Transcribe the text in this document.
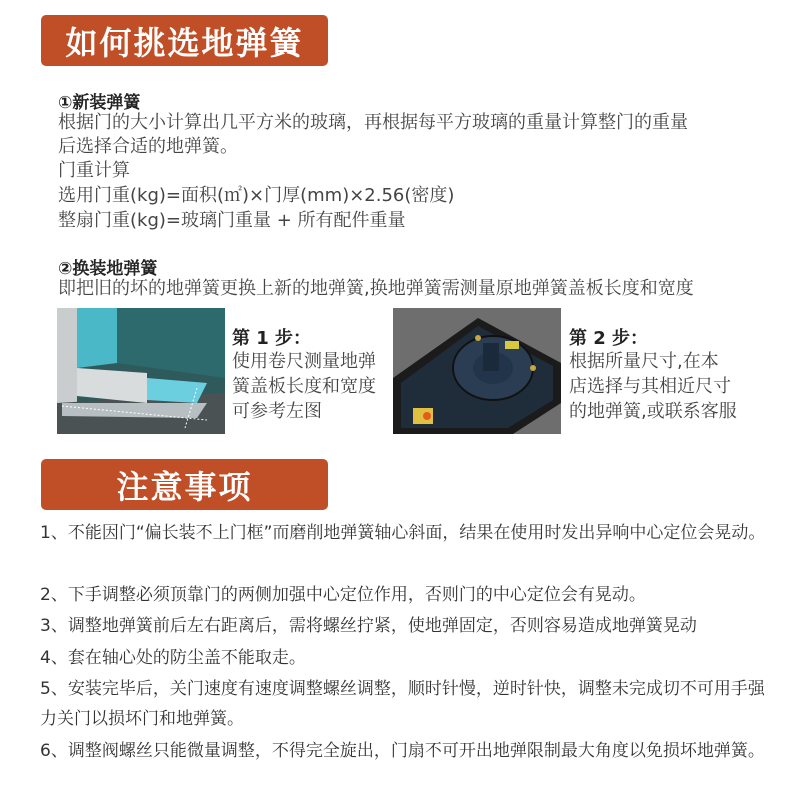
如何挑选地弹簧
①新装弹簧
根据门的大小计算出几平方米的玻璃，再根据每平方玻璃的重量计算整门的重量
后选择合适的地弹簧。
门重计算
选用门重(kg)=面积(㎡)×门厚(mm)×2.56(密度)
整扇门重(kg)=玻璃门重量 + 所有配件重量
②换装地弹簧
即把旧的坏的地弹簧更换上新的地弹簧,换地弹簧需测量原地弹簧盖板长度和宽度
第 1 步：
使用卷尺测量地弹
簧盖板长度和宽度
可参考左图
第 2 步：
根据所量尺寸,在本
店选择与其相近尺寸
的地弹簧,或联系客服
注意事项
1、不能因门“偏长装不上门框”而磨削地弹簧轴心斜面，结果在使用时发出异响中心定位会晃动。
2、下手调整必须顶靠门的两侧加强中心定位作用，否则门的中心定位会有晃动。
3、调整地弹簧前后左右距离后，需将螺丝拧紧，使地弹固定，否则容易造成地弹簧晃动
4、套在轴心处的防尘盖不能取走。
5、安装完毕后，关门速度有速度调整螺丝调整，顺时针慢，逆时针快，调整未完成切不可用手强力关门以损坏门和地弹簧。
6、调整阀螺丝只能微量调整，不得完全旋出，门扇不可开出地弹限制最大角度以免损坏地弹簧。
